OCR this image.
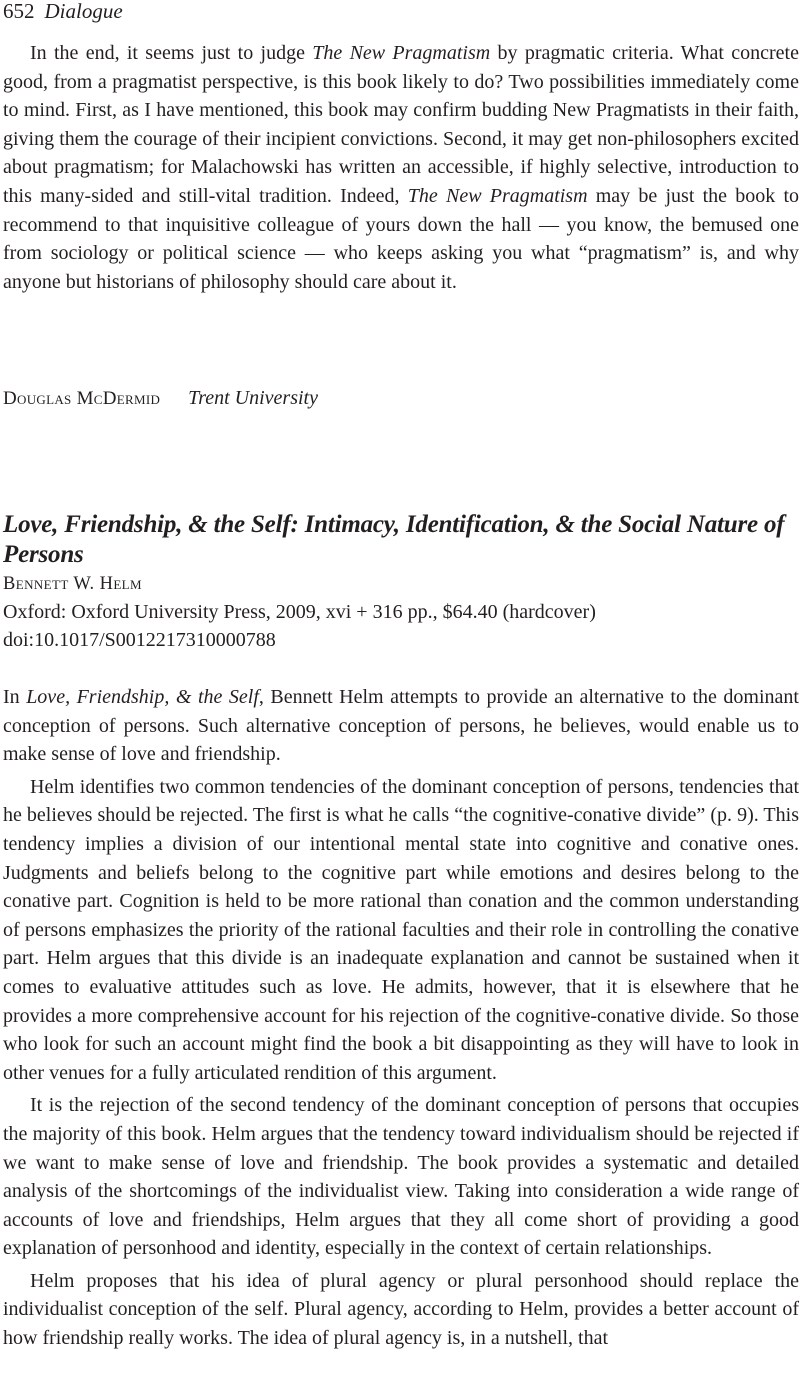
652 Dialogue

In the end, it seems just to judge The New Pragmatism by pragmatic criteria. What concrete good, from a pragmatist perspective, is this book likely to do? Two possibilities immediately come to mind. First, as I have mentioned, this book may confirm budding New Pragmatists in their faith, giving them the courage of their incipient convictions. Second, it may get non-philosophers excited about pragmatism; for Malachowski has written an accessible, if highly selective, introduction to this many-sided and still-vital tradition. Indeed, The New Pragmatism may be just the book to recommend to that inquisitive colleague of yours down the hall — you know, the bemused one from sociology or political science — who keeps asking you what “pragmatism” is, and why anyone but historians of philosophy should care about it.

Douglas McDermid Trent University
Love, Friendship, & the Self: Intimacy, Identification, & the Social Nature of Persons
Bennett W. Helm
Oxford: Oxford University Press, 2009, xvi + 316 pp., $64.40 (hardcover)
doi:10.1017/S0012217310000788

In Love, Friendship, & the Self, Bennett Helm attempts to provide an alternative to the dominant conception of persons. Such alternative conception of persons, he believes, would enable us to make sense of love and friendship.

Helm identifies two common tendencies of the dominant conception of persons, tendencies that he believes should be rejected. The first is what he calls “the cognitive-conative divide” (p. 9). This tendency implies a division of our intentional mental state into cognitive and conative ones. Judgments and beliefs belong to the cognitive part while emotions and desires belong to the conative part. Cognition is held to be more rational than conation and the common understanding of persons emphasizes the priority of the rational faculties and their role in controlling the conative part. Helm argues that this divide is an inadequate explanation and cannot be sustained when it comes to evaluative attitudes such as love. He admits, however, that it is elsewhere that he provides a more comprehensive account for his rejection of the cognitive-conative divide. So those who look for such an account might find the book a bit disappointing as they will have to look in other venues for a fully articulated rendition of this argument.

It is the rejection of the second tendency of the dominant conception of persons that occupies the majority of this book. Helm argues that the tendency toward individualism should be rejected if we want to make sense of love and friendship. The book provides a systematic and detailed analysis of the shortcomings of the individualist view. Taking into consideration a wide range of accounts of love and friendships, Helm argues that they all come short of providing a good explanation of personhood and identity, especially in the context of certain relationships.

Helm proposes that his idea of plural agency or plural personhood should replace the individualist conception of the self. Plural agency, according to Helm, provides a better account of how friendship really works. The idea of plural agency is, in a nutshell, that
